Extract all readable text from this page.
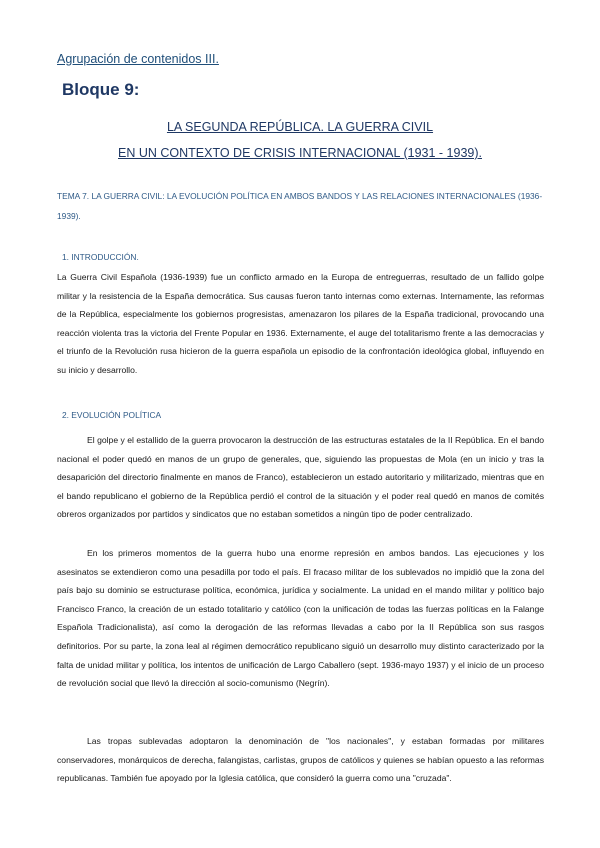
Agrupación de contenidos III.
Bloque 9:
LA SEGUNDA REPÚBLICA. LA GUERRA CIVIL
EN UN CONTEXTO DE CRISIS INTERNACIONAL (1931 - 1939).
TEMA 7. LA GUERRA CIVIL: LA EVOLUCIÓN POLÍTICA EN AMBOS BANDOS Y LAS RELACIONES INTERNACIONALES (1936-1939).
1. INTRODUCCIÓN.
La Guerra Civil Española (1936-1939) fue un conflicto armado en la Europa de entreguerras, resultado de un fallido golpe militar y la resistencia de la España democrática. Sus causas fueron tanto internas como externas. Internamente, las reformas de la República, especialmente los gobiernos progresistas, amenazaron los pilares de la España tradicional, provocando una reacción violenta tras la victoria del Frente Popular en 1936. Externamente, el auge del totalitarismo frente a las democracias y el triunfo de la Revolución rusa hicieron de la guerra española un episodio de la confrontación ideológica global, influyendo en su inicio y desarrollo.
2. EVOLUCIÓN POLÍTICA
El golpe y el estallido de la guerra provocaron la destrucción de las estructuras estatales de la II República. En el bando nacional el poder quedó en manos de un grupo de generales, que, siguiendo las propuestas de Mola (en un inicio y tras la desaparición del directorio finalmente en manos de Franco), establecieron un estado autoritario y militarizado, mientras que en el bando republicano el gobierno de la República perdió el control de la situación y el poder real quedó en manos de comités obreros organizados por partidos y sindicatos que no estaban sometidos a ningún tipo de poder centralizado.
En los primeros momentos de la guerra hubo una enorme represión en ambos bandos. Las ejecuciones y los asesinatos se extendieron como una pesadilla por todo el país. El fracaso militar de los sublevados no impidió que la zona del país bajo su dominio se estructurase política, económica, jurídica y socialmente. La unidad en el mando militar y político bajo Francisco Franco, la creación de un estado totalitario y católico (con la unificación de todas las fuerzas políticas en la Falange Española Tradicionalista), así como la derogación de las reformas llevadas a cabo por la II República son sus rasgos definitorios. Por su parte, la zona leal al régimen democrático republicano siguió un desarrollo muy distinto caracterizado por la falta de unidad militar y política, los intentos de unificación de Largo Caballero (sept. 1936-mayo 1937) y el inicio de un proceso de revolución social que llevó la dirección al socio-comunismo (Negrín).
Las tropas sublevadas adoptaron la denominación de "los nacionales", y estaban formadas por militares conservadores, monárquicos de derecha, falangistas, carlistas, grupos de católicos y quienes se habían opuesto a las reformas republicanas. También fue apoyado por la Iglesia católica, que consideró la guerra como una "cruzada".
